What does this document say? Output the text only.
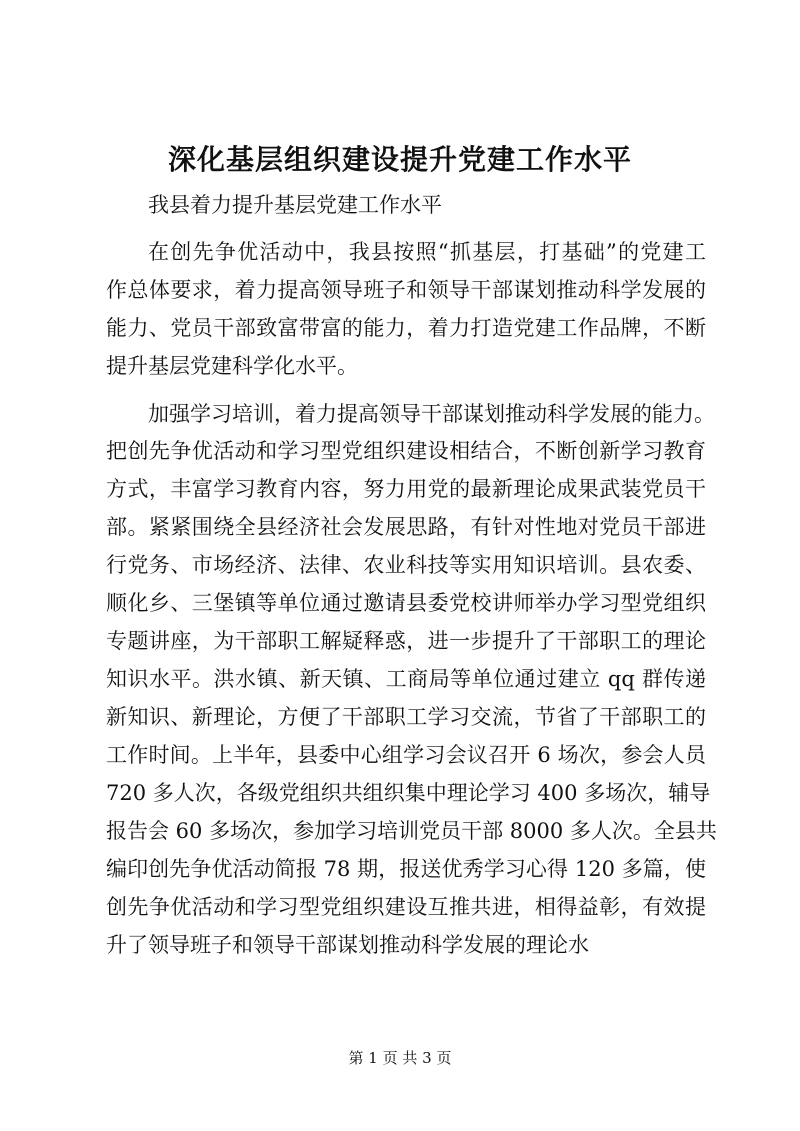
深化基层组织建设提升党建工作水平
我县着力提升基层党建工作水平
在创先争优活动中，我县按照“抓基层，打基础”的党建工
作总体要求，着力提高领导班子和领导干部谋划推动科学发展的
能力、党员干部致富带富的能力，着力打造党建工作品牌，不断
提升基层党建科学化水平。
加强学习培训，着力提高领导干部谋划推动科学发展的能力。
把创先争优活动和学习型党组织建设相结合，不断创新学习教育
方式，丰富学习教育内容，努力用党的最新理论成果武装党员干
部。紧紧围绕全县经济社会发展思路，有针对性地对党员干部进
行党务、市场经济、法律、农业科技等实用知识培训。县农委、
顺化乡、三堡镇等单位通过邀请县委党校讲师举办学习型党组织
专题讲座，为干部职工解疑释惑，进一步提升了干部职工的理论
知识水平。洪水镇、新天镇、工商局等单位通过建立 qq 群传递
新知识、新理论，方便了干部职工学习交流，节省了干部职工的
工作时间。上半年，县委中心组学习会议召开 6 场次，参会人员
720 多人次，各级党组织共组织集中理论学习 400 多场次，辅导
报告会 60 多场次，参加学习培训党员干部 8000 多人次。全县共
编印创先争优活动简报 78 期，报送优秀学习心得 120 多篇，使
创先争优活动和学习型党组织建设互推共进，相得益彰，有效提
升了领导班子和领导干部谋划推动科学发展的理论水
第 1 页 共 3 页
